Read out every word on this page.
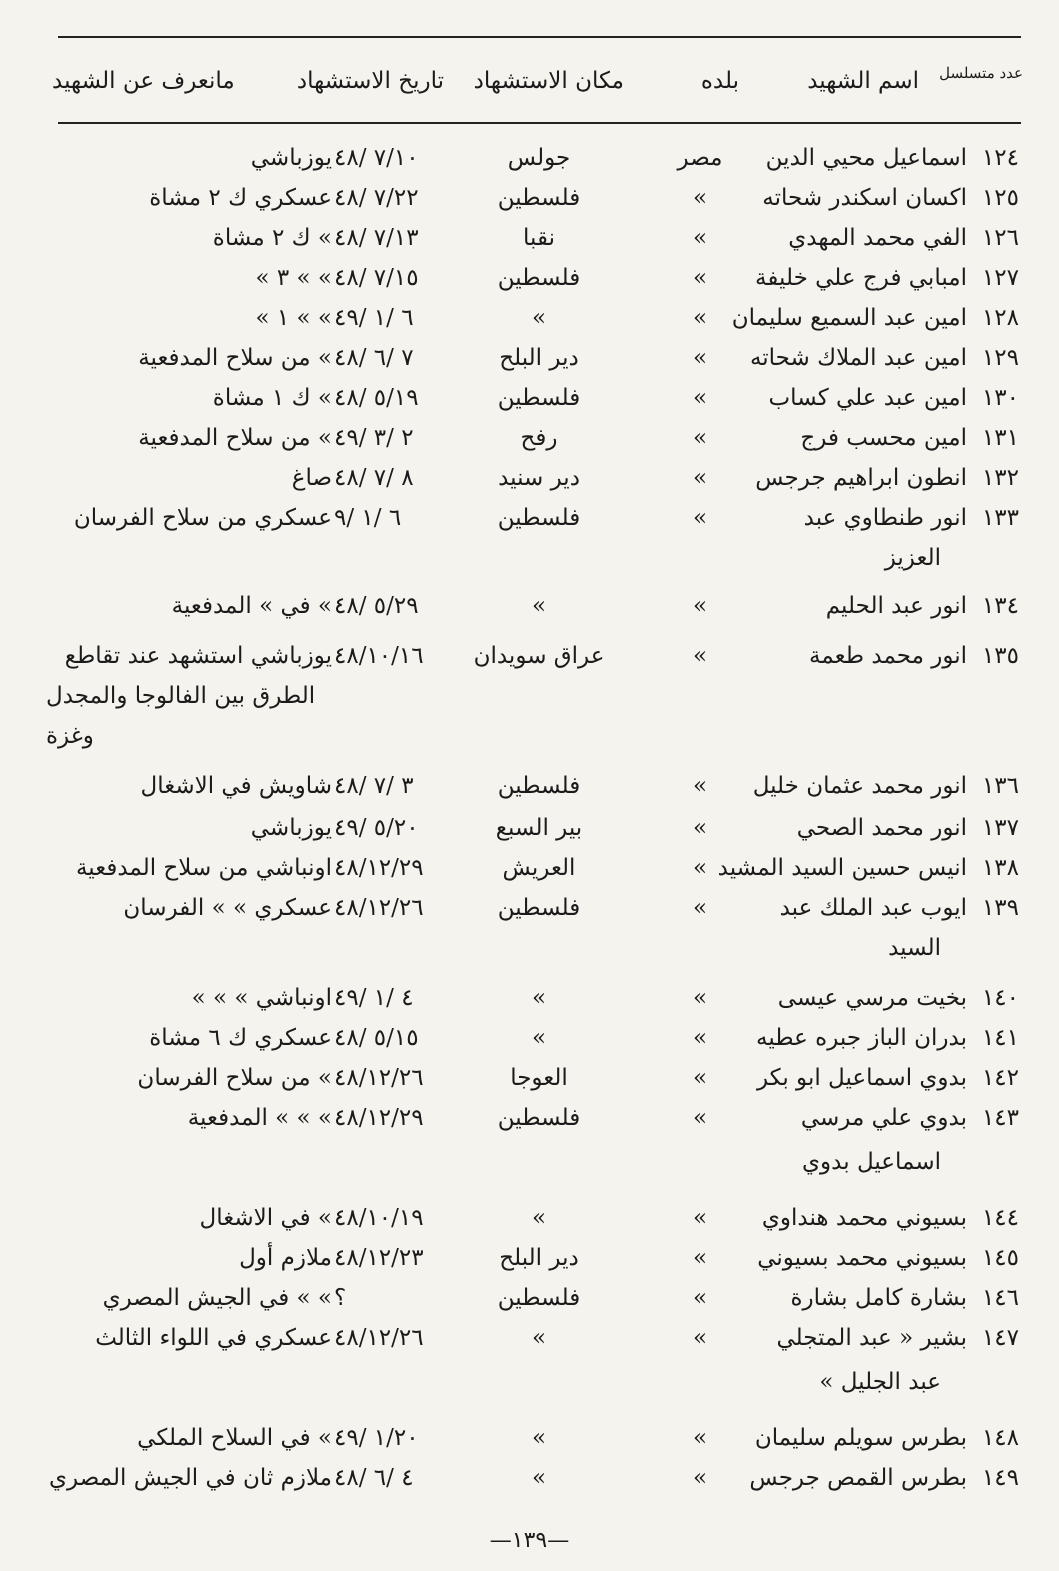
عدد متسلسل
اسم الشهيد
بلده
مكان الاستشهاد
تاريخ الاستشهاد
مانعرف عن الشهيد
١٢٤
اسماعيل محيي الدين
مصر
جولس
٧/١٠ /٤٨
يوزباشي
١٢٥
اكسان اسكندر شحاته
»
فلسطين
٧/٢٢ /٤٨
عسكري ك ٢ مشاة
١٢٦
الفي محمد المهدي
»
نقبا
٧/١٣ /٤٨
» ك ٢ مشاة
١٢٧
امبابي فرج علي خليفة
»
فلسطين
٧/١٥ /٤٨
» » ٣ »
١٢٨
امين عبد السميع سليمان
»
»
٦ /١ /٤٩
» » ١ »
١٢٩
امين عبد الملاك شحاته
»
دير البلح
٧ /٦ /٤٨
» من سلاح المدفعية
١٣٠
امين عبد علي كساب
»
فلسطين
٥/١٩ /٤٨
» ك ١ مشاة
١٣١
امين محسب فرج
»
رفح
٢ /٣ /٤٩
» من سلاح المدفعية
١٣٢
انطون ابراهيم جرجس
»
دير سنيد
٨ /٧ /٤٨
صاغ
١٣٣
انور طنطاوي عبد
»
فلسطين
٦ /١ /٩
عسكري من سلاح الفرسان
١٣٤
انور عبد الحليم
»
»
٥/٢٩ /٤٨
» في » المدفعية
١٣٥
انور محمد طعمة
»
عراق سويدان
٤٨/١٠/١٦
يوزباشي استشهد عند تقاطع
١٣٦
انور محمد عثمان خليل
»
فلسطين
٣ /٧ /٤٨
شاويش في الاشغال
١٣٧
انور محمد الصحي
»
بير السبع
٥/٢٠ /٤٩
يوزباشي
١٣٨
انيس حسين السيد المشيد
»
العريش
٤٨/١٢/٢٩
اونباشي من سلاح المدفعية
١٣٩
ايوب عبد الملك عبد
»
فلسطين
٤٨/١٢/٢٦
عسكري » » الفرسان
١٤٠
بخيت مرسي عيسى
»
»
٤ /١ /٤٩
اونباشي » » »
١٤١
بدران الباز جبره عطيه
»
»
٥/١٥ /٤٨
عسكري ك ٦ مشاة
١٤٢
بدوي اسماعيل ابو بكر
»
العوجا
٤٨/١٢/٢٦
» من سلاح الفرسان
١٤٣
بدوي علي مرسي
»
فلسطين
٤٨/١٢/٢٩
» » » المدفعية
١٤٤
بسيوني محمد هنداوي
»
»
٤٨/١٠/١٩
» في الاشغال
١٤٥
بسيوني محمد بسيوني
»
دير البلح
٤٨/١٢/٢٣
ملازم أول
١٤٦
بشارة كامل بشارة
»
فلسطين
؟
» » في الجيش المصري
١٤٧
بشير « عبد المتجلي
»
»
٤٨/١٢/٢٦
عسكري في اللواء الثالث
١٤٨
بطرس سويلم سليمان
»
»
١/٢٠ /٤٩
» في السلاح الملكي
١٤٩
بطرس القمص جرجس
»
»
٤ /٦ /٤٨
ملازم ثان في الجيش المصري
العزيز
الطرق بين الفالوجا والمجدل
وغزة
السيد
اسماعيل بدوي
عبد الجليل »
—١٣٩—
